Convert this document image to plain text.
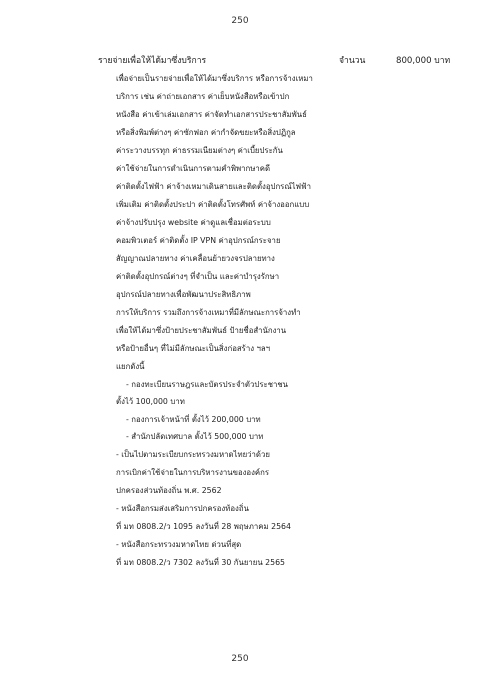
250
รายจ่ายเพื่อให้ได้มาซึ่งบริการ	จำนวน	800,000 บาท
เพื่อจ่ายเป็นรายจ่ายเพื่อให้ได้มาซึ่งบริการ หรือการจ้างเหมา
บริการ เช่น ค่าถ่ายเอกสาร ค่าเย็บหนังสือหรือเข้าปก
หนังสือ ค่าเข้าเล่มเอกสาร ค่าจัดทำเอกสารประชาสัมพันธ์
หรือสิ่งพิมพ์ต่างๆ ค่าซักฟอก ค่ากำจัดขยะหรือสิ่งปฏิกูล
ค่าระวางบรรทุก ค่าธรรมเนียมต่างๆ ค่าเบี้ยประกัน
ค่าใช้จ่ายในการดำเนินการตามคำพิพากษาคดี
ค่าติดตั้งไฟฟ้า ค่าจ้างเหมาเดินสายและติดตั้งอุปกรณ์ไฟฟ้า
เพิ่มเติม ค่าติดตั้งประปา ค่าติดตั้งโทรศัพท์ ค่าจ้างออกแบบ
ค่าจ้างปรับปรุง website ค่าดูแลเชื่อมต่อระบบ
คอมพิวเตอร์ ค่าติดตั้ง IP VPN ค่าอุปกรณ์กระจาย
สัญญาณปลายทาง ค่าเคลื่อนย้ายวงจรปลายทาง
ค่าติดตั้งอุปกรณ์ต่างๆ ที่จำเป็น และค่าบำรุงรักษา
อุปกรณ์ปลายทางเพื่อพัฒนาประสิทธิภาพ
การให้บริการ รวมถึงการจ้างเหมาที่มีลักษณะการจ้างทำ
เพื่อให้ได้มาซึ่งป้ายประชาสัมพันธ์ ป้ายชื่อสำนักงาน
หรือป้ายอื่นๆ ที่ไม่มีลักษณะเป็นสิ่งก่อสร้าง ฯลฯ
แยกดังนี้
- กองทะเบียนราษฎรและบัตรประจำตัวประชาชน
ตั้งไว้ 100,000 บาท
- กองการเจ้าหน้าที่ ตั้งไว้ 200,000 บาท
- สำนักปลัดเทศบาล ตั้งไว้ 500,000 บาท
- เป็นไปตามระเบียบกระทรวงมหาดไทยว่าด้วย
การเบิกค่าใช้จ่ายในการบริหารงานขององค์กร
ปกครองส่วนท้องถิ่น พ.ศ. 2562
- หนังสือกรมส่งเสริมการปกครองท้องถิ่น
ที่ มท 0808.2/ว 1095 ลงวันที่ 28 พฤษภาคม 2564
- หนังสือกระทรวงมหาดไทย ด่วนที่สุด
ที่ มท 0808.2/ว 7302 ลงวันที่ 30 กันยายน 2565
250
